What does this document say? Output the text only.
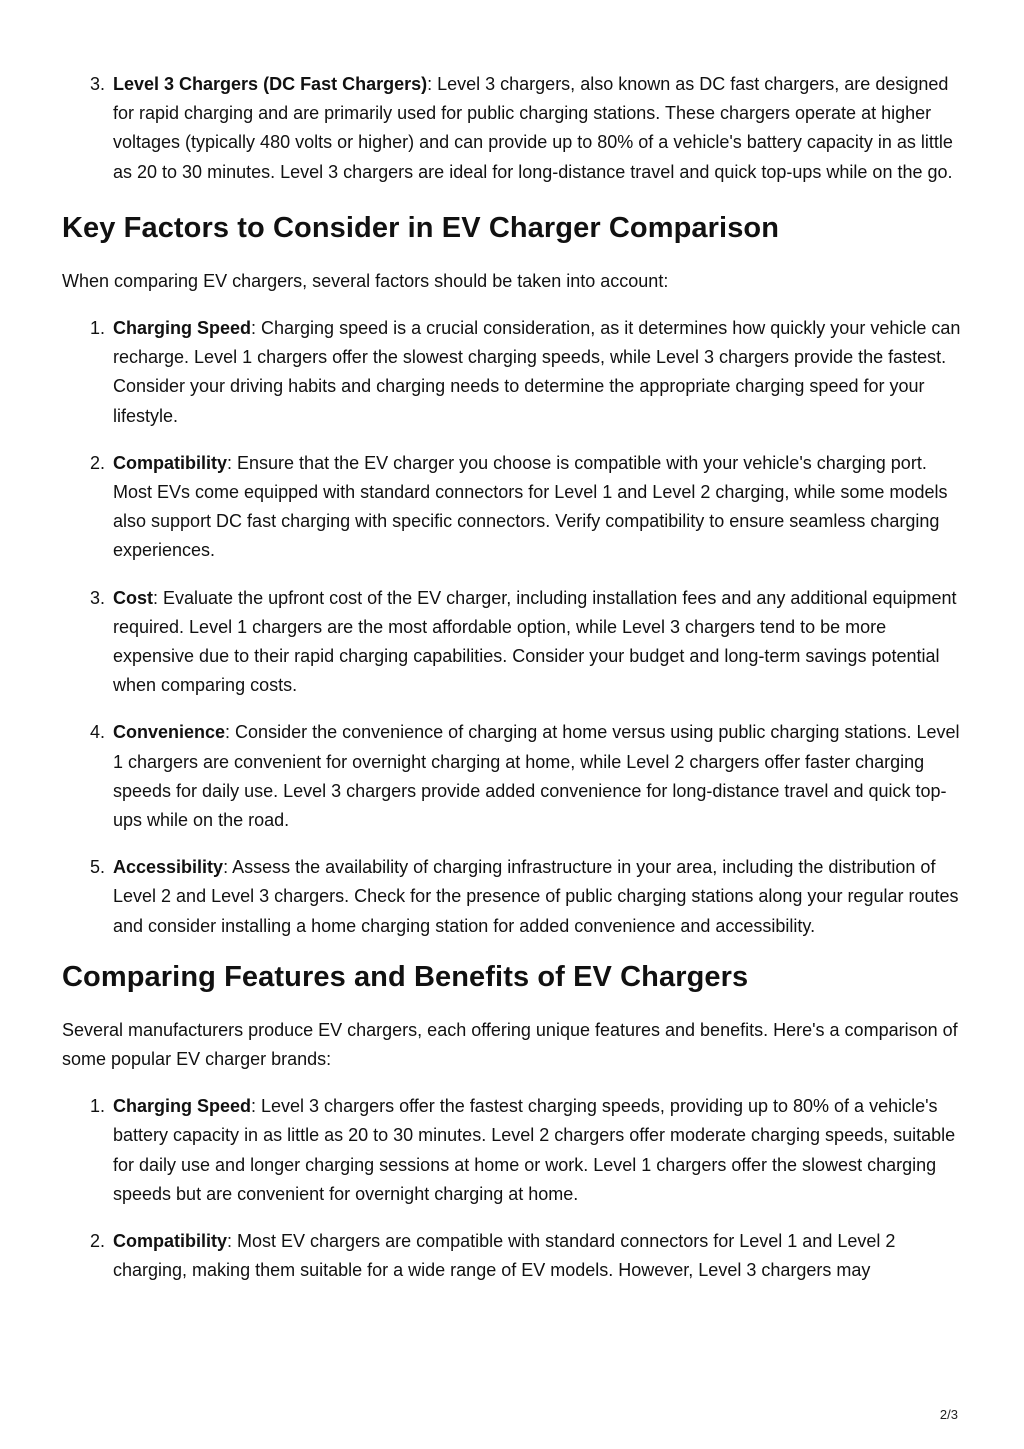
3. Level 3 Chargers (DC Fast Chargers): Level 3 chargers, also known as DC fast chargers, are designed for rapid charging and are primarily used for public charging stations. These chargers operate at higher voltages (typically 480 volts or higher) and can provide up to 80% of a vehicle's battery capacity in as little as 20 to 30 minutes. Level 3 chargers are ideal for long-distance travel and quick top-ups while on the go.
Key Factors to Consider in EV Charger Comparison

When comparing EV chargers, several factors should be taken into account:

1. Charging Speed: Charging speed is a crucial consideration, as it determines how quickly your vehicle can recharge. Level 1 chargers offer the slowest charging speeds, while Level 3 chargers provide the fastest. Consider your driving habits and charging needs to determine the appropriate charging speed for your lifestyle.
2. Compatibility: Ensure that the EV charger you choose is compatible with your vehicle's charging port. Most EVs come equipped with standard connectors for Level 1 and Level 2 charging, while some models also support DC fast charging with specific connectors. Verify compatibility to ensure seamless charging experiences.
3. Cost: Evaluate the upfront cost of the EV charger, including installation fees and any additional equipment required. Level 1 chargers are the most affordable option, while Level 3 chargers tend to be more expensive due to their rapid charging capabilities. Consider your budget and long-term savings potential when comparing costs.
4. Convenience: Consider the convenience of charging at home versus using public charging stations. Level 1 chargers are convenient for overnight charging at home, while Level 2 chargers offer faster charging speeds for daily use. Level 3 chargers provide added convenience for long-distance travel and quick top-ups while on the road.
5. Accessibility: Assess the availability of charging infrastructure in your area, including the distribution of Level 2 and Level 3 chargers. Check for the presence of public charging stations along your regular routes and consider installing a home charging station for added convenience and accessibility.
Comparing Features and Benefits of EV Chargers

Several manufacturers produce EV chargers, each offering unique features and benefits. Here's a comparison of some popular EV charger brands:

1. Charging Speed: Level 3 chargers offer the fastest charging speeds, providing up to 80% of a vehicle's battery capacity in as little as 20 to 30 minutes. Level 2 chargers offer moderate charging speeds, suitable for daily use and longer charging sessions at home or work. Level 1 chargers offer the slowest charging speeds but are convenient for overnight charging at home.
2. Compatibility: Most EV chargers are compatible with standard connectors for Level 1 and Level 2 charging, making them suitable for a wide range of EV models. However, Level 3 chargers may
2/3
